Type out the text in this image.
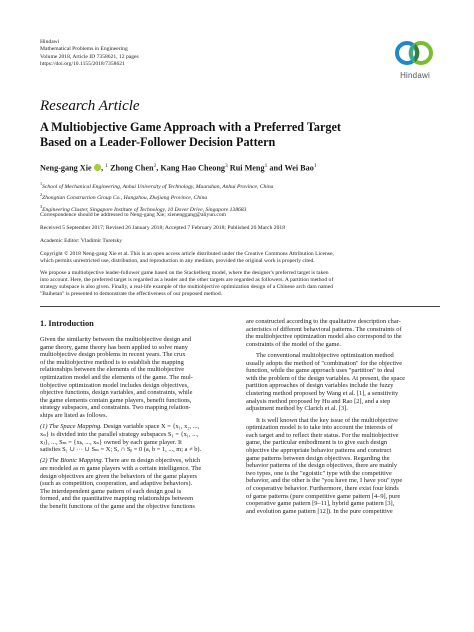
Hindawi
Mathematical Problems in Engineering
Volume 2018, Article ID 7358621, 12 pages
https://doi.org/10.1155/2018/7358621
Hindawi
Research Article
A Multiobjective Game Approach with a Preferred Target
Based on a Leader-Follower Decision Pattern
Neng-gang Xie , $^1$ Zhong Chen$^2$, Kang Hao Cheong$^3$ Rui Meng$^1$ and Wei Bao$^1$
$^1$School of Mechanical Engineering, Anhui University of Technology, Maanshan, Anhui Province, China
$^2$Zhongtian Construction Group Co., Hangzhou, Zhejiang Province, China
$^3$Engineering Cluster, Singapore Institute of Technology, 10 Dover Drive, Singapore 138683
Correspondence should be addressed to Neng-gang Xie; xienenggang@aliyun.com
Received 5 September 2017; Revised 26 January 2018; Accepted 7 February 2018; Published 20 March 2018
Academic Editor: Vladimír Turetsky
Copyright © 2018 Neng-gang Xie et al. This is an open access article distributed under the Creative Commons Attribution License,
which permits unrestricted use, distribution, and reproduction in any medium, provided the original work is properly cited.
We propose a multiobjective leader-follower game based on the Stackelberg model, where the designer's preferred target is taken
into account. Here, the preferred target is regarded as a leader and the other targets are regarded as followers. A partition method of
strategy subspace is also given. Finally, a real-life example of the multiobjective optimization design of a Chinese arch dam named
"Baihetan" is presented to demonstrate the effectiveness of our proposed method.
1. Introduction
Given the similarity between the multiobjective design and
game theory, game theory has been applied to solve many
multiobjective design problems in recent years. The crux
of the multiobjective method is to establish the mapping
relationships between the elements of the multiobjective
optimization model and the elements of the game. The mul-
tiobjective optimization model includes design objectives,
objective functions, design variables, and constraints, while
the game elements contain game players, benefit functions,
strategy subspaces, and constraints. Two mapping relation-
ships are listed as follows.
(1) The Space Mapping. Design variable space X = {x₁, x₂, ...,
xₙ} is divided into the parallel strategy subspaces S₁ = {x₁, ...,
xⱼ}, ..., Sₘ = {xₖ, ..., xₙ} owned by each game player. It
satisfies S₁ ∪ ··· ∪ Sₘ = X; Sₐ ∩ Sᵦ = 0 (a, b = 1, ..., m; a ≠ b).
(2) The Bionic Mapping. There are m design objectives, which
are modeled as m game players with a certain intelligence. The
design objectives are given the behaviors of the game players
(such as competition, cooperation, and adaptive behaviors).
The interdependent game pattern of each design goal is
formed, and the quantitative mapping relationships between
the benefit functions of the game and the objective functions
are constructed according to the qualitative description char-
acteristics of different behavioral patterns. The constraints of
the multiobjective optimization model also correspond to the
constraints of the model of the game.
The conventional multiobjective optimization method
usually adopts the method of "combination" for the objective
function, while the game approach uses "partition" to deal
with the problem of the design variables. At present, the space
partition approaches of design variables include the fuzzy
clustering method proposed by Wang et al. [1], a sensitivity
analysis method proposed by Hu and Rao [2], and a step
adjustment method by Clarich et al. [3].
It is well known that the key issue of the multiobjective
optimization model is to take into account the interests of
each target and to reflect their status. For the multiobjective
game, the particular embodiment is to give each design
objective the appropriate behavior patterns and construct
game patterns between design objectives. Regarding the
behavior patterns of the design objectives, there are mainly
two types, one is the "egoistic" type with the competitive
behavior, and the other is the "you have me, I have you" type
of cooperative behavior. Furthermore, there exist four kinds
of game patterns (pure competitive game pattern [4–9], pure
cooperative game pattern [9–11], hybrid game pattern [3],
and evolution game pattern [12]). In the pure competitive
